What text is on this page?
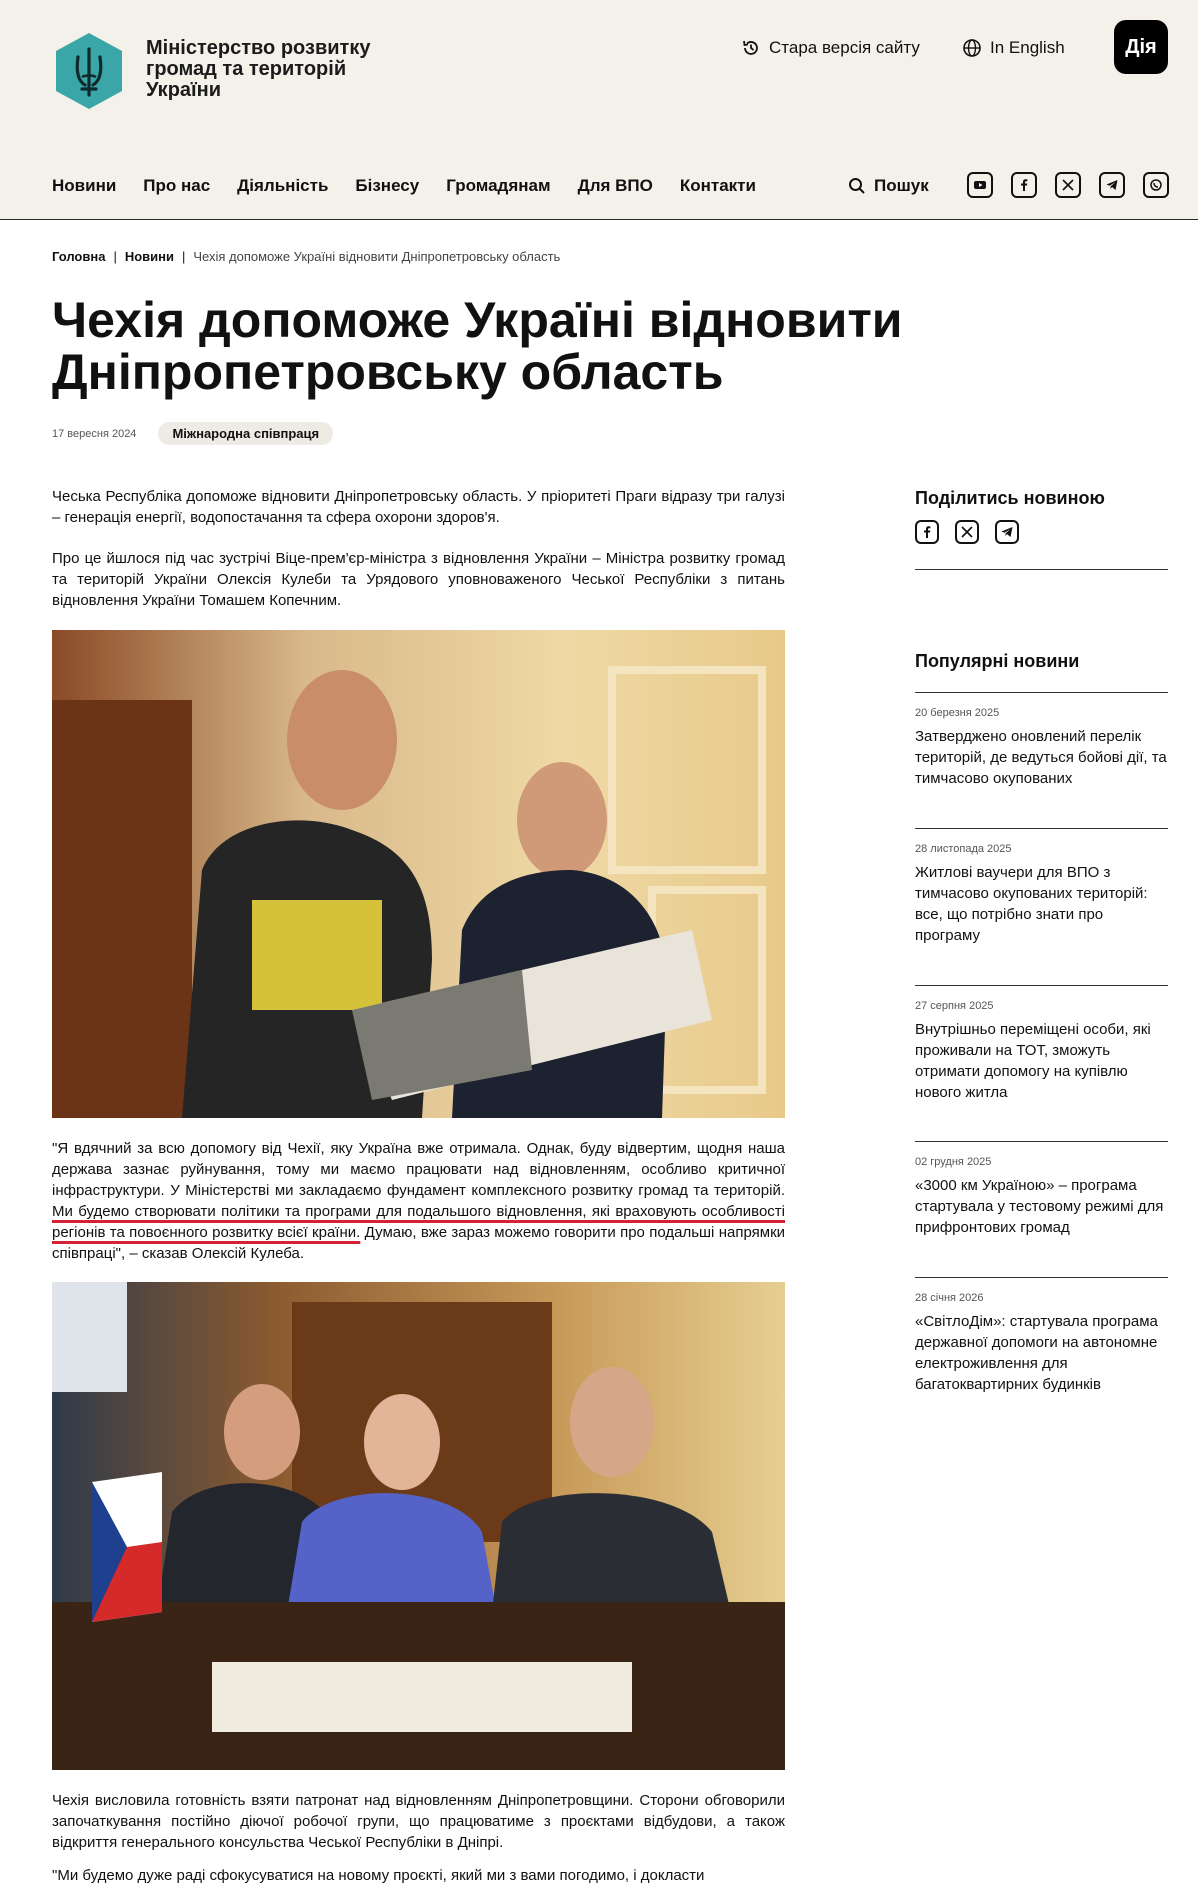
Міністерство розвитку громад та територій України
Стара версія сайту	In English	Дія
Новини Про нас Діяльність Бізнесу Громадянам Для ВПО Контакти	Пошук
Головна | Новини | Чехія допоможе Україні відновити Дніпропетровську область
Чехія допоможе Україні відновити Дніпропетровську область
17 вересня 2024	Міжнародна співпраця

Чеська Республіка допоможе відновити Дніпропетровську область. У пріоритеті Праги відразу три галузі – генерація енергії, водопостачання та сфера охорони здоров'я.

Про це йшлося під час зустрічі Віце-прем'єр-міністра з відновлення України – Міністра розвитку громад та територій України Олексія Кулеби та Урядового уповноваженого Чеської Республіки з питань відновлення України Томашем Копечним.

"Я вдячний за всю допомогу від Чехії, яку Україна вже отримала. Однак, буду відвертим, щодня наша держава зазнає руйнування, тому ми маємо працювати над відновленням, особливо критичної інфраструктури. У Міністерстві ми закладаємо фундамент комплексного розвитку громад та територій. Ми будемо створювати політики та програми для подальшого відновлення, які враховують особливості регіонів та повоєнного розвитку всієї країни. Думаю, вже зараз можемо говорити про подальші напрямки співпраці", – сказав Олексій Кулеба.

Чехія висловила готовність взяти патронат над відновленням Дніпропетровщини. Сторони обговорили започаткування постійно діючої робочої групи, що працюватиме з проєктами відбудови, а також відкриття генерального консульства Чеської Республіки в Дніпрі.

"Ми будемо дуже раді сфокусуватися на новому проєкті, який ми з вами погодимо, і докласти

Поділитись новиною
Популярні новини
20 березня 2025
Затверджено оновлений перелік територій, де ведуться бойові дії, та тимчасово окупованих
28 листопада 2025
Житлові ваучери для ВПО з тимчасово окупованих територій: все, що потрібно знати про програму
27 серпня 2025
Внутрішньо переміщені особи, які проживали на ТОТ, зможуть отримати допомогу на купівлю нового житла
02 грудня 2025
«3000 км Україною» – програма стартувала у тестовому режимі для прифронтових громад
28 січня 2026
«СвітлоДім»: стартувала програма державної допомоги на автономне електроживлення для багатоквартирних будинків
